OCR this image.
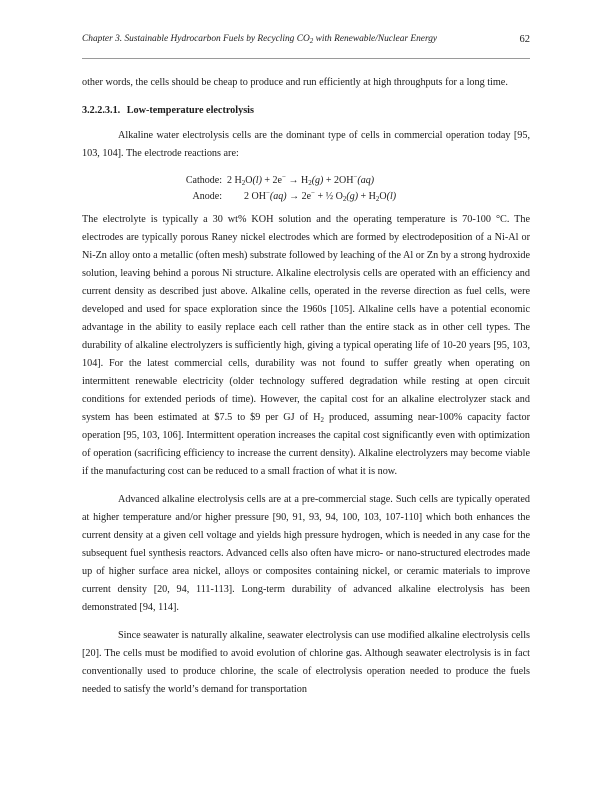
Chapter 3. Sustainable Hydrocarbon Fuels by Recycling $CO_2$ with Renewable/Nuclear Energy	62

other words, the cells should be cheap to produce and run efficiently at high throughputs for a long time.

3.2.2.3.1. Low-temperature electrolysis

Alkaline water electrolysis cells are the dominant type of cells in commercial operation today [95, 103, 104]. The electrode reactions are:

Cathode: 2 $H_2O(l) + 2e^- \to H_2(g) + 2OH^-(aq)$
Anode:	2 OH−(aq) → 2e− + ½ $O_2(g) + H_2O(l)$

The electrolyte is typically a 30 wt% KOH solution and the operating temperature is 70-100 °C. The electrodes are typically porous Raney nickel electrodes which are formed by electrodeposition of a Ni-Al or Ni-Zn alloy onto a metallic (often mesh) substrate followed by leaching of the Al or Zn by a strong hydroxide solution, leaving behind a porous Ni structure. Alkaline electrolysis cells are operated with an efficiency and current density as described just above. Alkaline cells, operated in the reverse direction as fuel cells, were developed and used for space exploration since the 1960s [105]. Alkaline cells have a potential economic advantage in the ability to easily replace each cell rather than the entire stack as in other cell types. The durability of alkaline electrolyzers is sufficiently high, giving a typical operating life of 10-20 years [95, 103, 104]. For the latest commercial cells, durability was not found to suffer greatly when operating on intermittent renewable electricity (older technology suffered degradation while resting at open circuit conditions for extended periods of time). However, the capital cost for an alkaline electrolyzer stack and system has been estimated at $7.5 to $9 per GJ of $H_2$ produced, assuming near-100% capacity factor operation [95, 103, 106]. Intermittent operation increases the capital cost significantly even with optimization of operation (sacrificing efficiency to increase the current density). Alkaline electrolyzers may become viable if the manufacturing cost can be reduced to a small fraction of what it is now.

Advanced alkaline electrolysis cells are at a pre-commercial stage. Such cells are typically operated at higher temperature and/or higher pressure [90, 91, 93, 94, 100, 103, 107-110] which both enhances the current density at a given cell voltage and yields high pressure hydrogen, which is needed in any case for the subsequent fuel synthesis reactors. Advanced cells also often have micro- or nano-structured electrodes made up of higher surface area nickel, alloys or composites containing nickel, or ceramic materials to improve current density [20, 94, 111-113]. Long-term durability of advanced alkaline electrolysis has been demonstrated [94, 114].

Since seawater is naturally alkaline, seawater electrolysis can use modified alkaline electrolysis cells [20]. The cells must be modified to avoid evolution of chlorine gas. Although seawater electrolysis is in fact conventionally used to produce chlorine, the scale of electrolysis operation needed to produce the fuels needed to satisfy the world’s demand for transportation
